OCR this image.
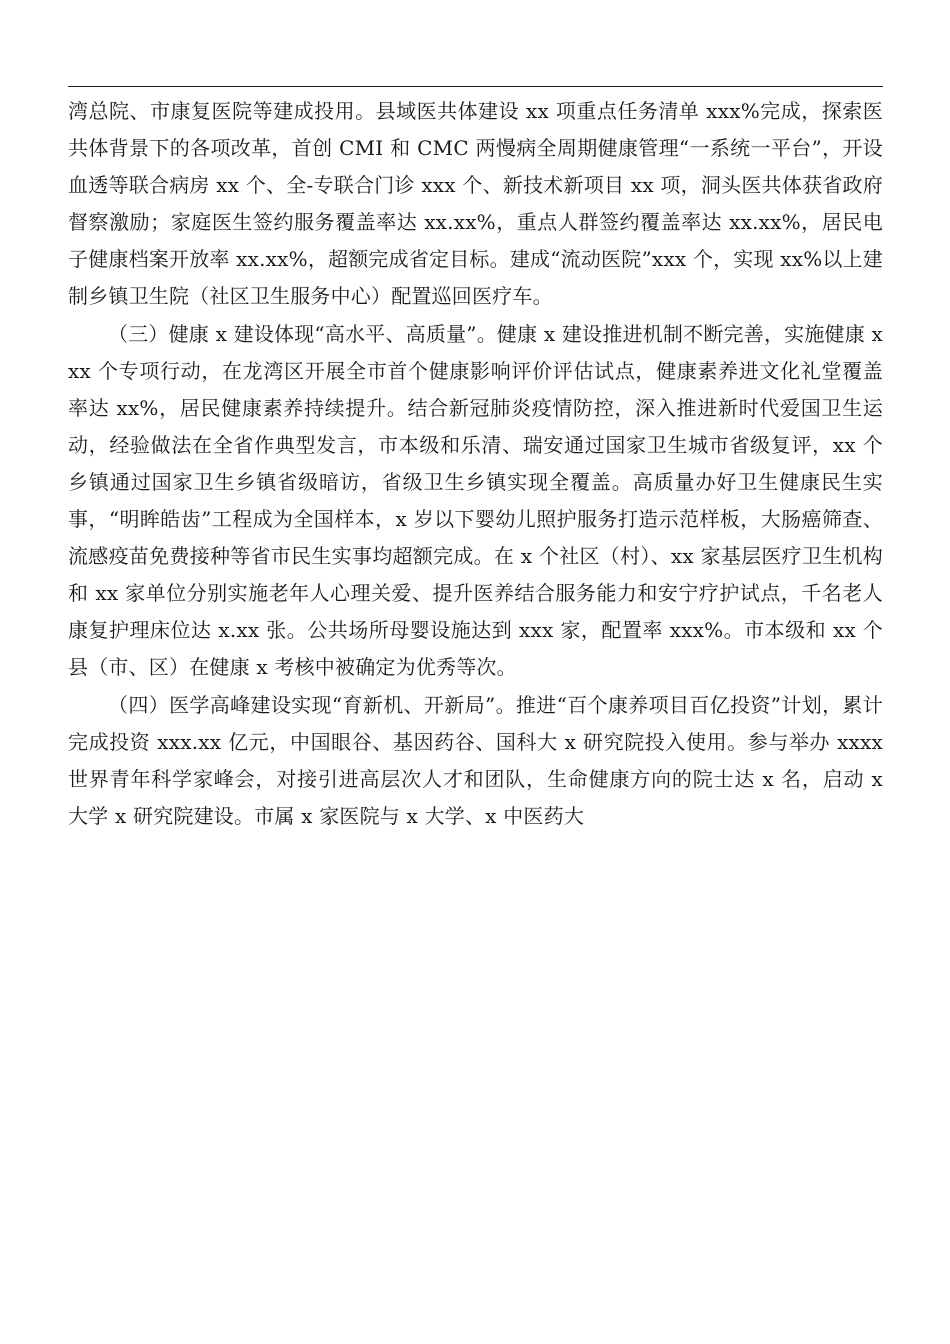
湾总院、市康复医院等建成投用。县域医共体建设 xx 项重点任务清单 xxx%完成，探索医共体背景下的各项改革，首创 CMI 和 CMC 两慢病全周期健康管理“一系统一平台”，开设血透等联合病房 xx 个、全-专联合门诊 xxx 个、新技术新项目 xx 项，洞头医共体获省政府督察激励；家庭医生签约服务覆盖率达 xx.xx%，重点人群签约覆盖率达 xx.xx%，居民电子健康档案开放率 xx.xx%，超额完成省定目标。建成“流动医院”xxx 个，实现 xx%以上建制乡镇卫生院（社区卫生服务中心）配置巡回医疗车。

（三）健康 x 建设体现“高水平、高质量”。健康 x 建设推进机制不断完善，实施健康 xxx 个专项行动，在龙湾区开展全市首个健康影响评价评估试点，健康素养进文化礼堂覆盖率达 xx%，居民健康素养持续提升。结合新冠肺炎疫情防控，深入推进新时代爱国卫生运动，经验做法在全省作典型发言，市本级和乐清、瑞安通过国家卫生城市省级复评，xx 个乡镇通过国家卫生乡镇省级暗访，省级卫生乡镇实现全覆盖。高质量办好卫生健康民生实事，“明眸皓齿”工程成为全国样本，x 岁以下婴幼儿照护服务打造示范样板，大肠癌筛查、流感疫苗免费接种等省市民生实事均超额完成。在 x 个社区（村）、xx 家基层医疗卫生机构和 xx 家单位分别实施老年人心理关爱、提升医养结合服务能力和安宁疗护试点，千名老人康复护理床位达 x.xx 张。公共场所母婴设施达到 xxx 家，配置率 xxx%。市本级和 xx 个县（市、区）在健康 x 考核中被确定为优秀等次。

（四）医学高峰建设实现“育新机、开新局”。推进“百个康养项目百亿投资”计划，累计完成投资 xxx.xx 亿元，中国眼谷、基因药谷、国科大 x 研究院投入使用。参与举办 xxxx 世界青年科学家峰会，对接引进高层次人才和团队，生命健康方向的院士达 x 名，启动 x 大学 x 研究院建设。市属 x 家医院与 x 大学、x 中医药大
